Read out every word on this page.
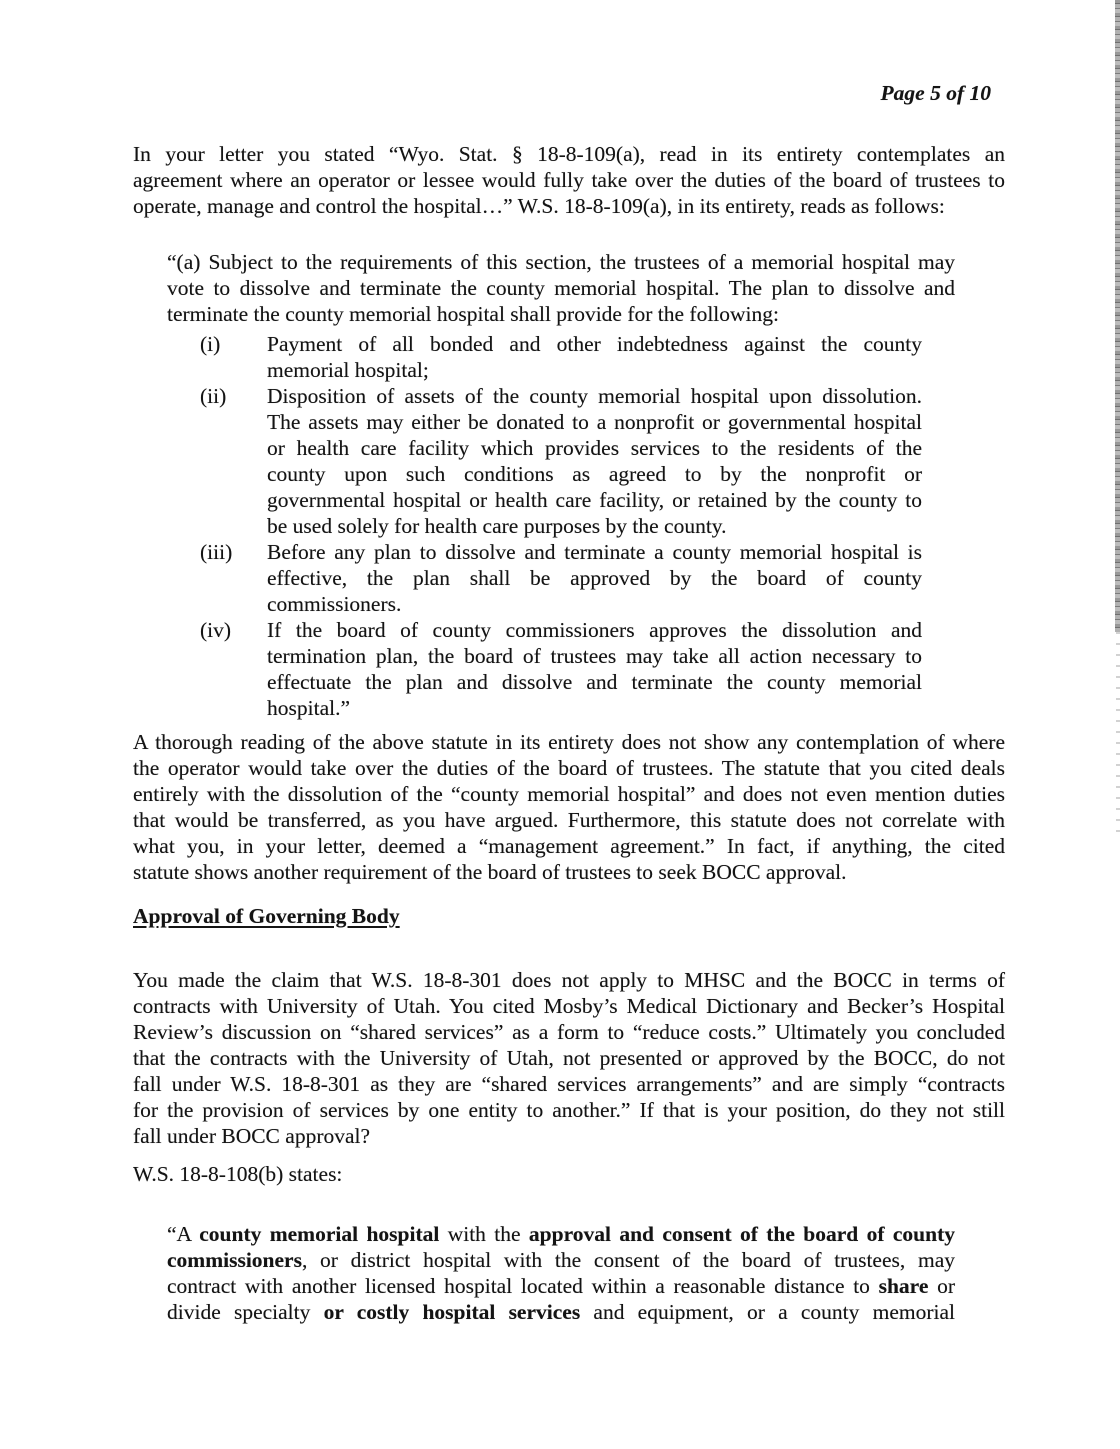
Page 5 of 10
In your letter you stated “Wyo. Stat. § 18-8-109(a), read in its entirety contemplates an
agreement where an operator or lessee would fully take over the duties of the board of trustees to
operate, manage and control the hospital…” W.S. 18-8-109(a), in its entirety, reads as follows:
“(a) Subject to the requirements of this section, the trustees of a memorial hospital may
vote to dissolve and terminate the county memorial hospital. The plan to dissolve and
terminate the county memorial hospital shall provide for the following:
(i)	Payment of all bonded and other indebtedness against the county
memorial hospital;
(ii)	Disposition of assets of the county memorial hospital upon dissolution.
The assets may either be donated to a nonprofit or governmental hospital
or health care facility which provides services to the residents of the
county upon such conditions as agreed to by the nonprofit or
governmental hospital or health care facility, or retained by the county to
be used solely for health care purposes by the county.
(iii)	Before any plan to dissolve and terminate a county memorial hospital is
effective, the plan shall be approved by the board of county
commissioners.
(iv)	If the board of county commissioners approves the dissolution and
termination plan, the board of trustees may take all action necessary to
effectuate the plan and dissolve and terminate the county memorial
hospital.”
A thorough reading of the above statute in its entirety does not show any contemplation of where
the operator would take over the duties of the board of trustees. The statute that you cited deals
entirely with the dissolution of the “county memorial hospital” and does not even mention duties
that would be transferred, as you have argued. Furthermore, this statute does not correlate with
what you, in your letter, deemed a “management agreement.” In fact, if anything, the cited
statute shows another requirement of the board of trustees to seek BOCC approval.
Approval of Governing Body
You made the claim that W.S. 18-8-301 does not apply to MHSC and the BOCC in terms of
contracts with University of Utah. You cited Mosby’s Medical Dictionary and Becker’s Hospital
Review’s discussion on “shared services” as a form to “reduce costs.” Ultimately you concluded
that the contracts with the University of Utah, not presented or approved by the BOCC, do not
fall under W.S. 18-8-301 as they are “shared services arrangements” and are simply “contracts
for the provision of services by one entity to another.” If that is your position, do they not still
fall under BOCC approval?
W.S. 18-8-108(b) states:
“A county memorial hospital with the approval and consent of the board of county
commissioners, or district hospital with the consent of the board of trustees, may
contract with another licensed hospital located within a reasonable distance to share or
divide specialty or costly hospital services and equipment, or a county memorial
